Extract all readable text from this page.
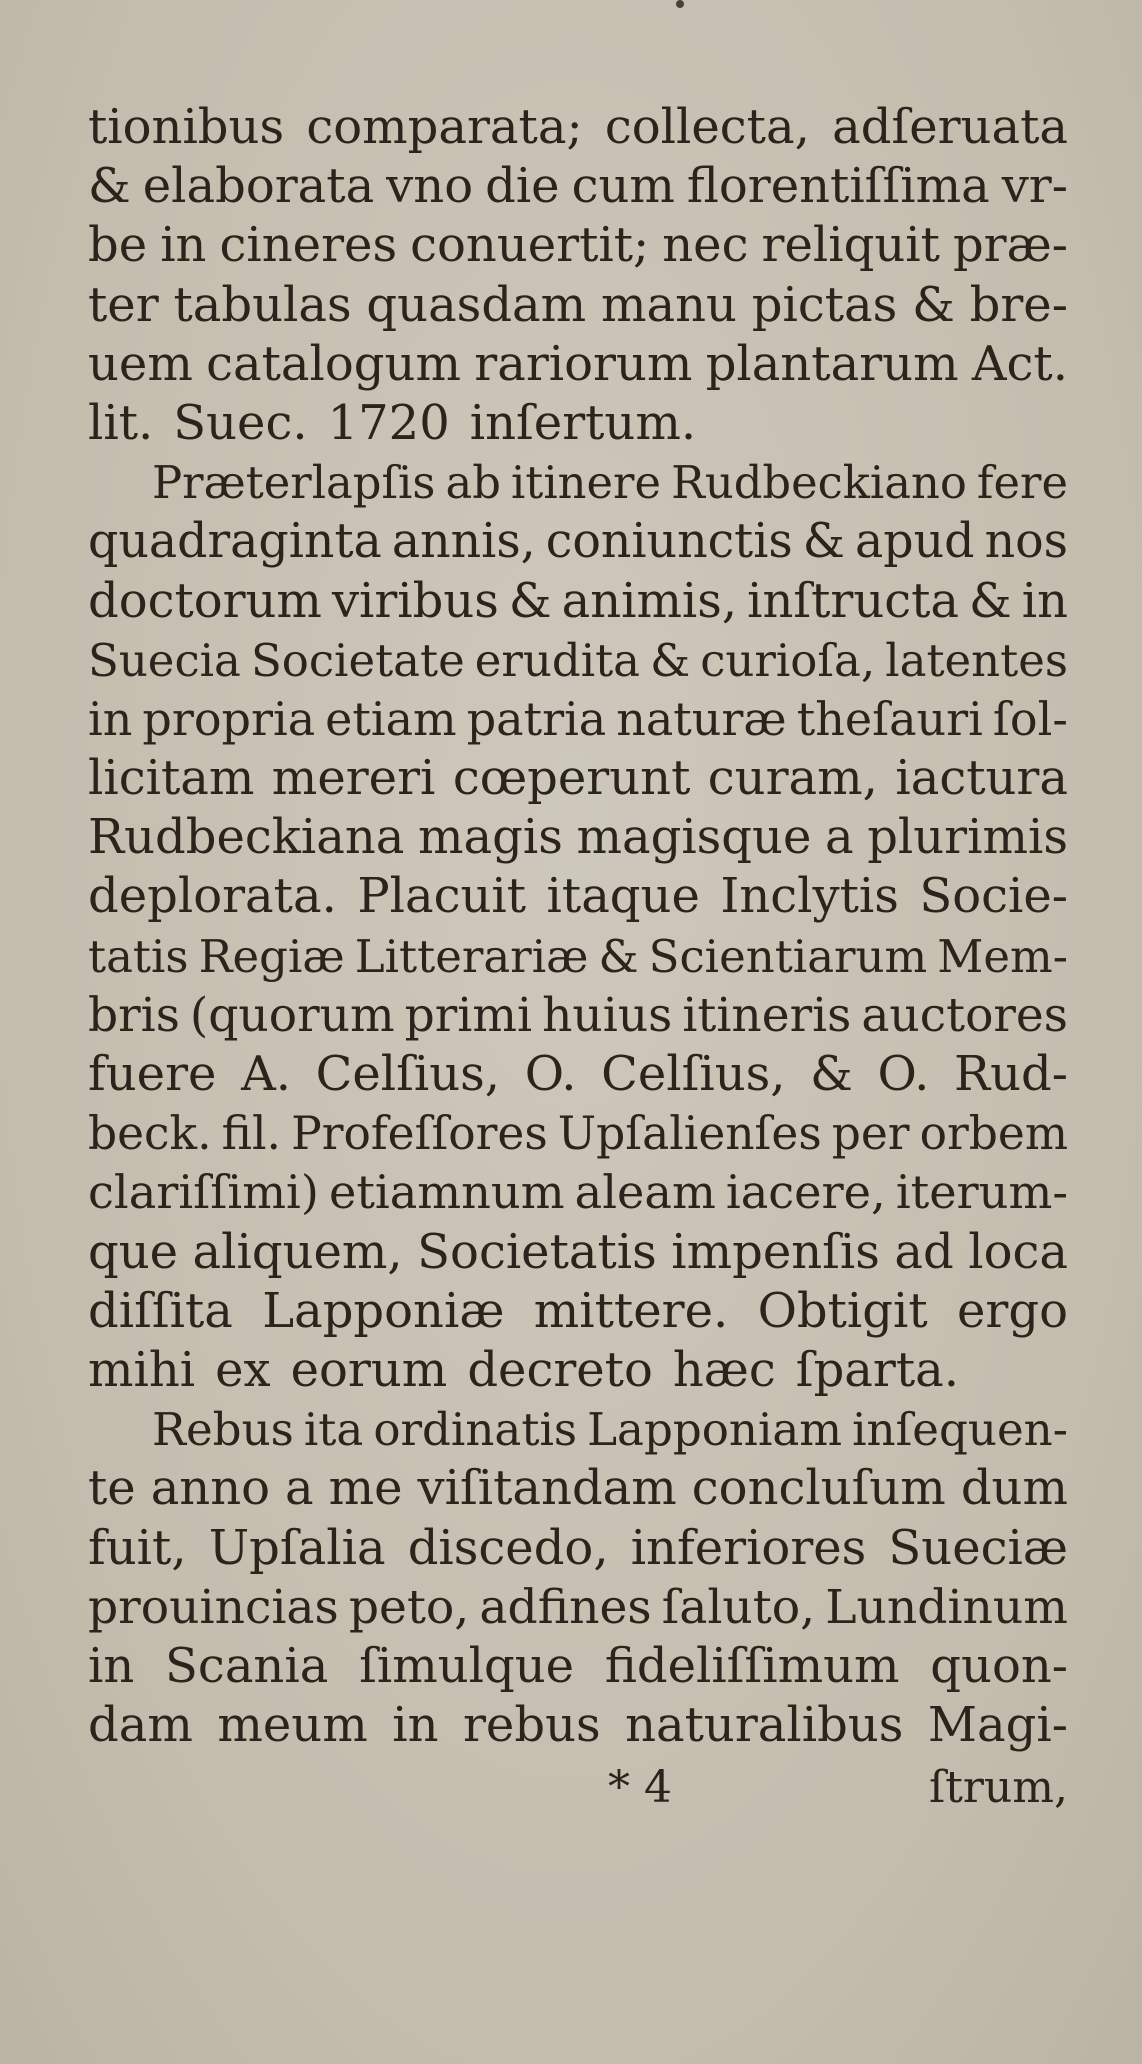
tionibus comparata; collecta, adſeruata
& elaborata vno die cum florentiſſima vr-
be in cineres conuertit; nec reliquit præ-
ter tabulas quasdam manu pictas & bre-
uem catalogum rariorum plantarum Act.
lit. Suec. 1720 inſertum.
Præterlapſis ab itinere Rudbeckiano fere
quadraginta annis, coniunctis & apud nos
doctorum viribus & animis, inſtructa & in
Suecia Societate erudita & curioſa, latentes
in propria etiam patria naturæ theſauri ſol-
licitam mereri cœperunt curam, iactura
Rudbeckiana magis magisque a plurimis
deplorata. Placuit itaque Inclytis Socie-
tatis Regiæ Litterariæ & Scientiarum Mem-
bris (quorum primi huius itineris auctores
fuere A. Celſius, O. Celſius, & O. Rud-
beck. fil. Profeſſores Upſalienſes per orbem
clariſſimi) etiamnum aleam iacere, iterum-
que aliquem, Societatis impenſis ad loca
diſſita Lapponiæ mittere. Obtigit ergo
mihi ex eorum decreto hæc ſparta.
Rebus ita ordinatis Lapponiam inſequen-
te anno a me viſitandam concluſum dum
fuit, Upſalia discedo, inferiores Sueciæ
prouincias peto, adfines ſaluto, Lundinum
in Scania ſimulque fideliſſimum quon-
dam meum in rebus naturalibus Magi-
* 4	ſtrum,
